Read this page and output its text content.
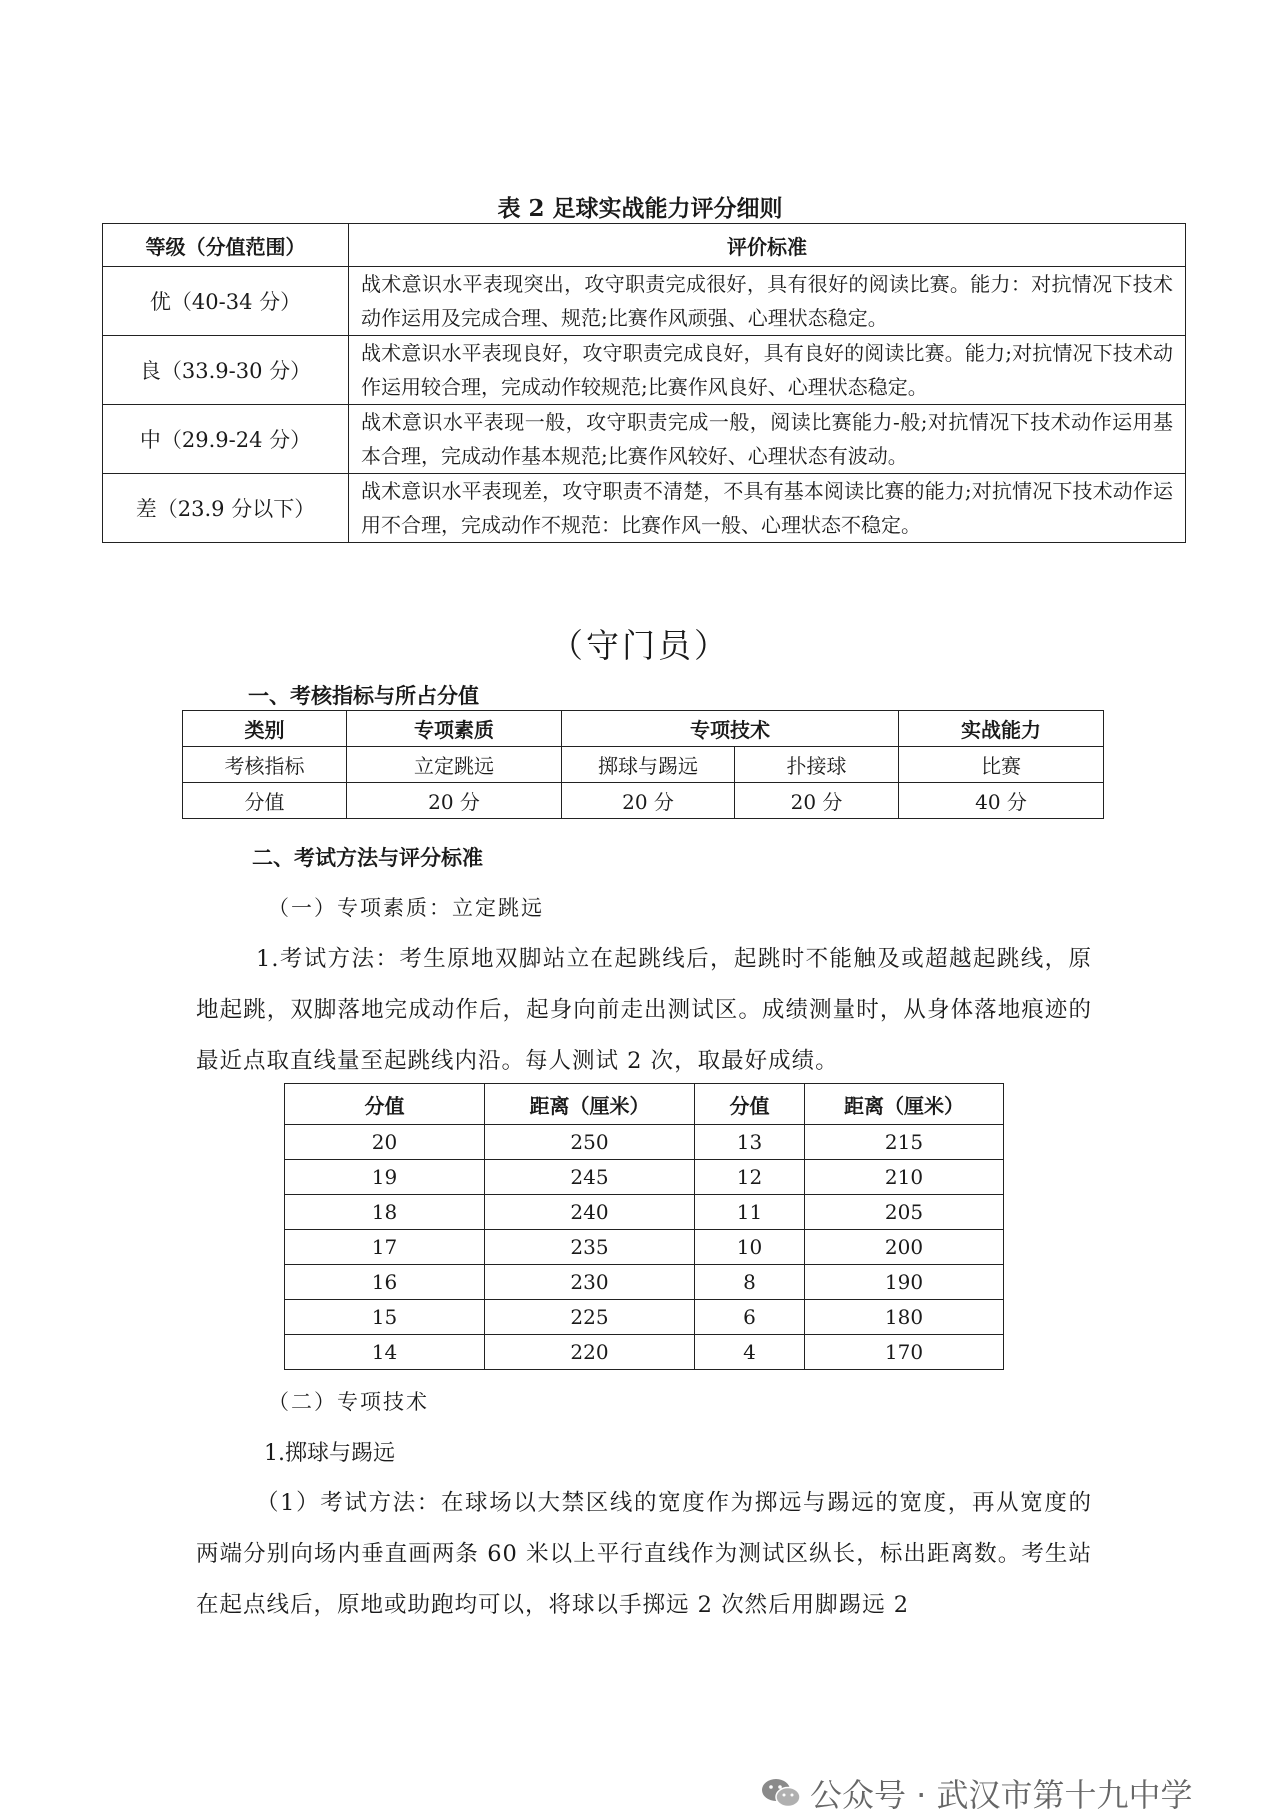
表 2 足球实战能力评分细则
等级（分值范围）	评价标准
优（40-34 分）	战术意识水平表现突出，攻守职责完成很好，具有很好的阅读比赛。能力：对抗情况下技术动作运用及完成合理、规范;比赛作风顽强、心理状态稳定。
良（33.9-30 分）	战术意识水平表现良好，攻守职责完成良好，具有良好的阅读比赛。能力;对抗情况下技术动作运用较合理，完成动作较规范;比赛作风良好、心理状态稳定。
中（29.9-24 分）	战术意识水平表现一般，攻守职责完成一般，阅读比赛能力-般;对抗情况下技术动作运用基本合理，完成动作基本规范;比赛作风较好、心理状态有波动。
差（23.9 分以下）	战术意识水平表现差，攻守职责不清楚，不具有基本阅读比赛的能力;对抗情况下技术动作运用不合理，完成动作不规范：比赛作风一般、心理状态不稳定。
（守门员）
一、考核指标与所占分值
类别	专项素质	专项技术		实战能力
考核指标	立定跳远	掷球与踢远	扑接球	比赛
分值	20 分	20 分	20 分	40 分
二、考试方法与评分标准
（一）专项素质：立定跳远
1.考试方法：考生原地双脚站立在起跳线后，起跳时不能触及或超越起跳线，原地起跳，双脚落地完成动作后，起身向前走出测试区。成绩测量时，从身体落地痕迹的最近点取直线量至起跳线内沿。每人测试 2 次，取最好成绩。
分值	距离（厘米）	分值	距离（厘米）
20	250	13	215
19	245	12	210
18	240	11	205
17	235	10	200
16	230	8	190
15	225	6	180
14	220	4	170
（二）专项技术
1.掷球与踢远
（1）考试方法：在球场以大禁区线的宽度作为掷远与踢远的宽度，再从宽度的两端分别向场内垂直画两条 60 米以上平行直线作为测试区纵长，标出距离数。考生站在起点线后，原地或助跑均可以，将球以手掷远 2 次然后用脚踢远 2
公众号 · 武汉市第十九中学
